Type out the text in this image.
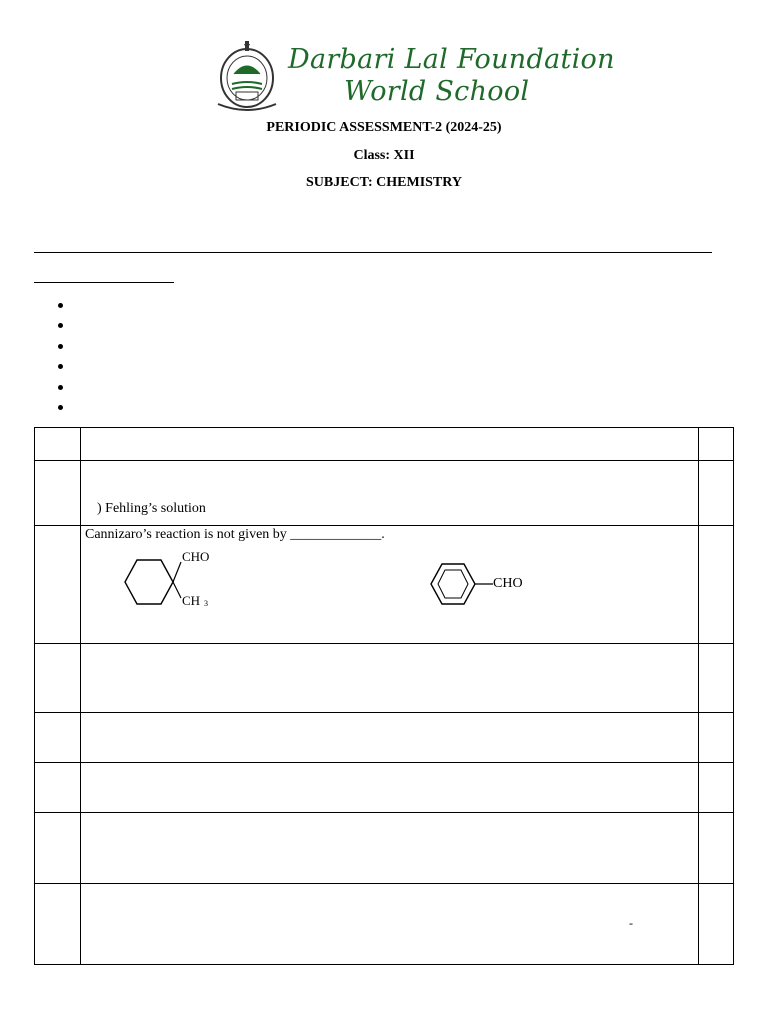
Darbari Lal Foundation
World School
PERIODIC ASSESSMENT-2 (2024-25)
Class: XII
SUBJECT: CHEMISTRY
) Fehling’s solution
Cannizaro’s reaction is not given by _____________.
CHO
CH 3
CHO
-
